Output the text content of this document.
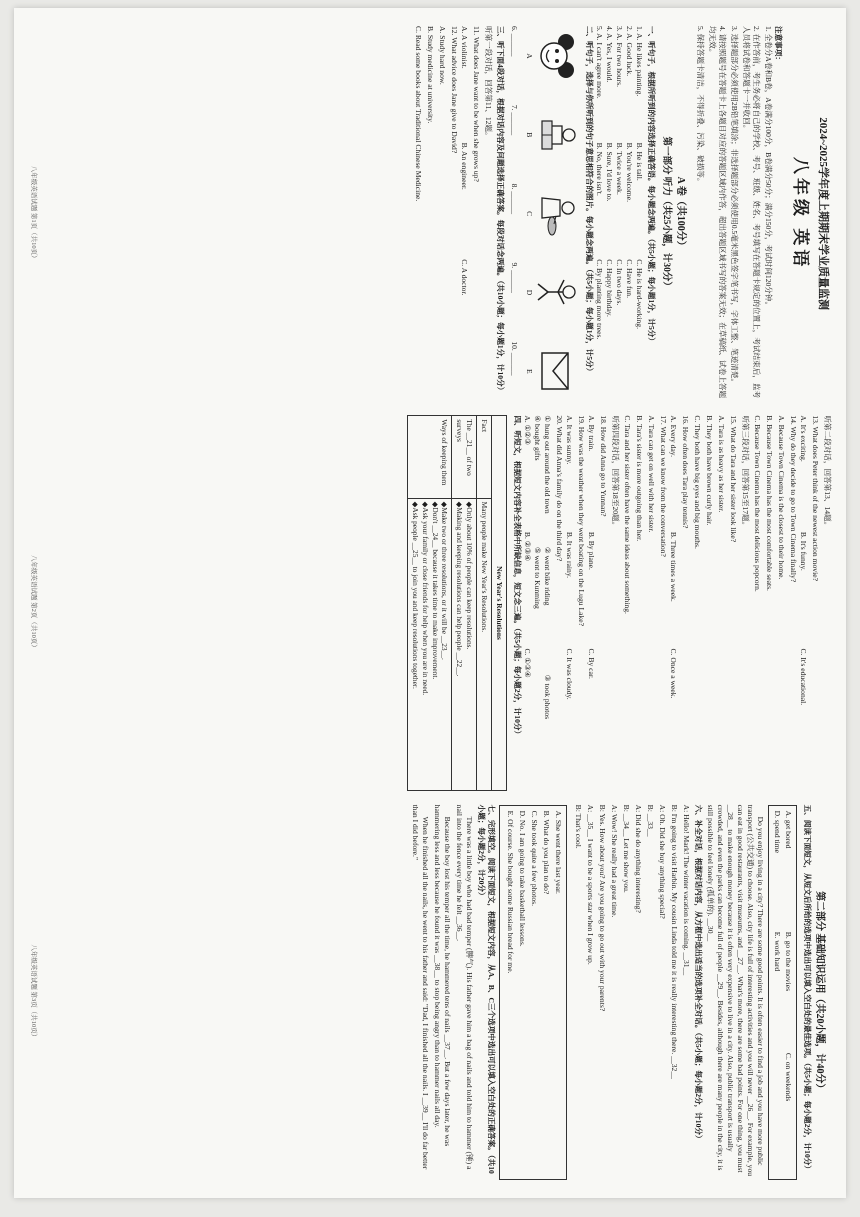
2024~2025学年度上期期末学业质量监测
八年级 英语
注意事项：

1. 全卷分A卷和B卷，A卷满分100分，B卷满分50分；满分150分，考试时间120分钟。

2. 在作答前，考生务必将自己的学校、考号、班级、姓名、考号填写在答题卡规定的位置上，考试结束后，监考人员将试卷和答题卡一并收回。

3. 选择题部分必须使用2B铅笔填涂；非选择题部分必须使用0.5毫米黑色签字笔书写，字体工整、笔迹清楚。

4. 请按照题号在答题卡上各题目对应的答题区域内作答，超出答题区域书写的答案无效；在草稿纸、试卷上答题均无效。

5. 保持答题卡清洁，不得折叠、污染、破损等。

A 卷（共100分）
第一部分 听力（共25小题，计30分）

一、听句子，根据所听到的内容选择正确答语。每小题念两遍。（共5小题；每小题1分，计5分）

1. A. He likes painting.
B. He is tall.
C. He is hard-working.
2. A. Good luck.
B. You're welcome.
C. Have fun.
3. A. For two hours.
B. Twice a week.
C. In two days.
4. A. Yes, I would.
B. Sure, I'd love to.
C. Happy birthday.
5. A. I can't agree more.
B. No, there isn't.
C. By planting more trees.

二、听句子，选择与你所听到的句子意思相符合的图片。每小题念两遍。（共5小题；每小题1分，计5分）

A
B
C
D
E
6. ______
7. ______
8. ______
9. ______
10. ______

三、听下面4段对话，根据对话内容及问题选择正确答案。每段对话念两遍。（共10小题；每小题1分，计10分）

听第一段对话，回答第11、12题。

11. What does Jane want to be when she grows up?

A. A violinist.
B. An engineer.
C. A doctor.

12. What advice does Jane give to David?

A. Study hard now.

B. Study medicine at university.

C. Read some books about Traditional Chinese Medicine.

八年级英语试题 第1页（共10页）

听第二段对话，回答第13、14题。

13. What does Peter think of the newest action movie?

A. It's exciting.
B. It's funny.
C. It's educational.

14. Why do they decide to go to Town Cinema finally?

A. Because Town Cinema is the closest to their home.

B. Because Town Cinema has the most comfortable seats.

C. Because Town Cinema has the most delicious popcorn.

听第三段对话，回答第15至17题。

15. What do Tara and her sister look like?

A. Tara is as heavy as her sister.

B. They both have brown curly hair.

C. They both have big eyes and big mouths.

16. How often does Tara play tennis?

A. Every day.
B. Three times a week.
C. Once a week.

17. What can we know from the conversation?

A. Tara can get on well with her sister.

B. Tara's sister is more outgoing than her.

C. Tara and her sister often have the same ideas about something.

听第四段对话，回答第18至20题。

18. How did Anna go to Yunnan?

A. By train.
B. By plane.
C. By car.

19. How was the weather when they went boating on the Lugu Lake?

A. It was sunny.
B. It was rainy.
C. It was cloudy.

20. What did Anna's family do on the third day?

① hung out around the old town
② went bike riding
③ took photos
④ bought gifts
⑤ went to Kunming
A. ①②③
B. ②③④
C. ①③④

四、听短文，根据短文内容补全表格中所缺信息，短文念三遍。（共5小题；每小题2分，计10分）

New Year's Resolutions	
Fact	Many people make New Year's Resolutions.
The __21__ of two surveys	◆Only about 10% of people can keep resolutions.
◆Making and keeping resolutions can help people __22__.
Ways of keeping them	◆Make two or three resolutions, or it will be __23__.
◆Don't __24__ because it takes time to make improvement.
◆Ask your family or close friends for help when you are in need.
◆Ask people __25__ to join you and keep resolutions together.
八年级英语试题 第2页（共10页）
第二部分 基础知识运用（共20小题，计40分）

五、阅读下面短文，从短文后所给的选项中选出可以填入空白处的最佳选项。（共5小题；每小题2分，计10分）

A. get bored
B. go to the movies
C. on weekends
D. spend time
E. work hard

Do you enjoy living in a city? There are some good points. It is often easier to find a job and you have more public transport (公共交通) to choose. Also, city life is full of interesting activities and you will never __26__. For example, you can eat in good restaurants, visit museums, and __27__. What's more, there are some bad points. For one thing, you must __28__ to make enough money because it is often very expensive to live in a city. Also, public transport is usually crowded, and even the parks can become full of people __29__. Besides, although there are many people in the city, it is still possible to feel lonely (孤单的). __30__

六、补全对话，根据对话内容，从方框中选出适当的选项补全对话。（共5小题；每小题2分，计10分）

A: Hello! Mark! The winter vacation is coming. __31__

B: I'm going to visit Harbin. My cousin Linda told me it is really interesting there. __32__

A: Oh. Did she buy anything special?

B: __33__

A: Did she do anything interesting?

B: __34__ Let me show you.

A: Wow! She really had a great time.

B: Yes. How about you? Are you going to go out with your parents?

A: __35__ I want to be a sports star when I grow up.

B: That's cool.

A. She went there last year.

B. What do you plan to do?

C. She took quite a few photos.

D. No. I am going to take basketball lessons.

E. Of course. She bought some Russian bread for me.

七、完形填空。阅读下面短文，根据短文内容，从A、B、C三个选项中选出可以填入空白处的正确答案。（共10小题；每小题2分，计20分）

There was a little boy who had bad temper (脾气). His father gave him a bag of nails and told him to hammer (锤) a nail into the fence every time he felt __36__.

Because the boy lost his temper all the time, he hammered tens of nails __37__. But a few days later, he was hammering less and less because he found it was __38__ to stop being angry than to hammer nails all day.

When he finished all the nails, he went to his father and said: "Dad, I finished all the nails. I __39__ I'll do far better than I did before."

八年级英语试题 第3页（共10页）
